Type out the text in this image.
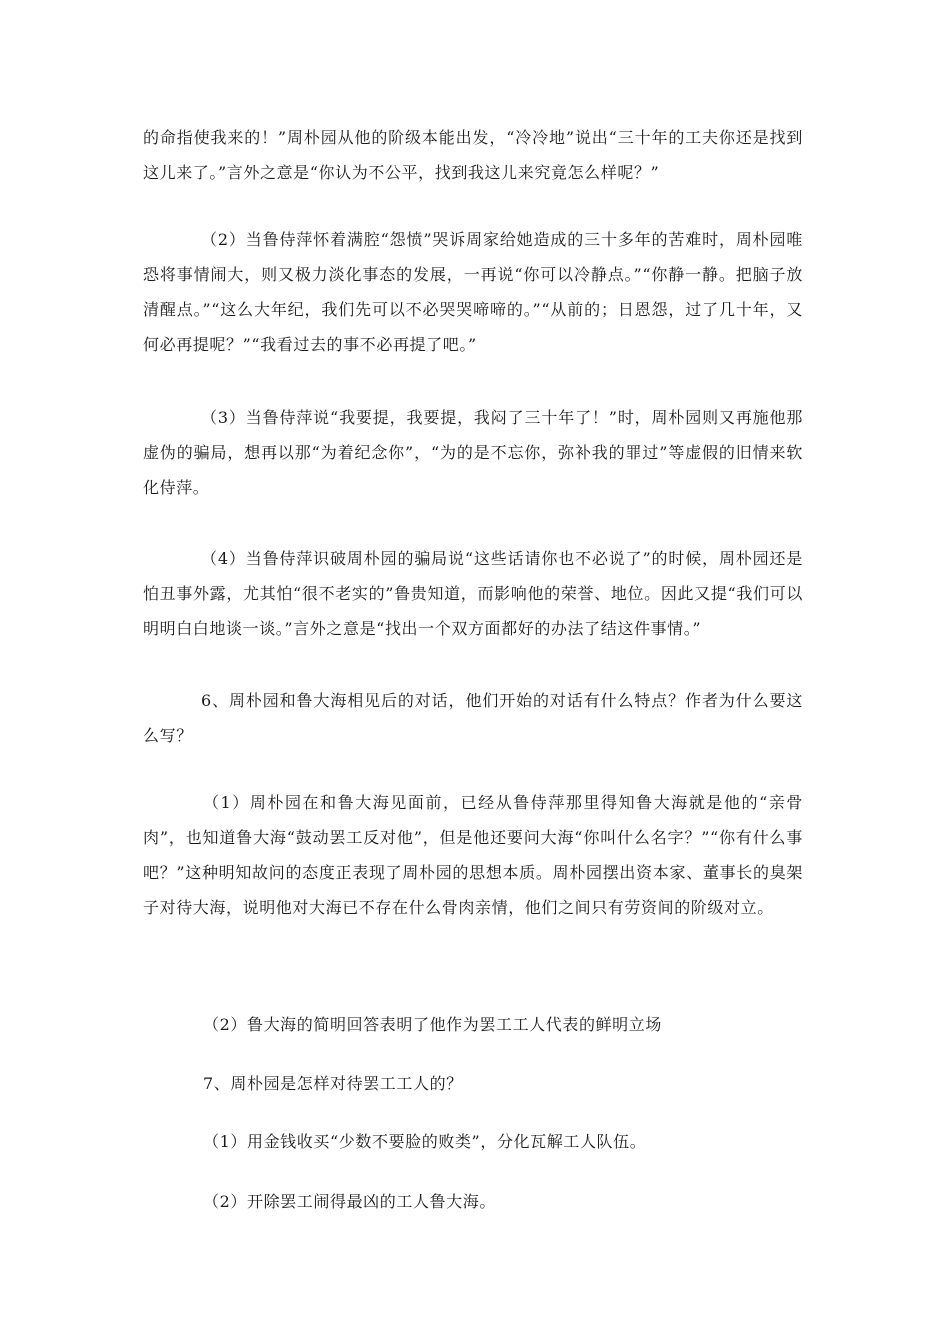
的命指使我来的！”周朴园从他的阶级本能出发，“冷冷地”说出“三十年的工夫你还是找到这儿来了。”言外之意是“你认为不公平，找到我这儿来究竟怎么样呢？”

（2）当鲁侍萍怀着满腔“怨愤”哭诉周家给她造成的三十多年的苦难时，周朴园唯恐将事情闹大，则又极力淡化事态的发展，一再说“你可以冷静点。”“你静一静。把脑子放清醒点。”“这么大年纪，我们先可以不必哭哭啼啼的。”“从前的；日恩怨，过了几十年，又何必再提呢？”“我看过去的事不必再提了吧。”

（3）当鲁侍萍说“我要提，我要提，我闷了三十年了！”时，周朴园则又再施他那虚伪的骗局，想再以那“为着纪念你”，“为的是不忘你，弥补我的罪过”等虚假的旧情来软化侍萍。

（4）当鲁侍萍识破周朴园的骗局说“这些话请你也不必说了”的时候，周朴园还是怕丑事外露，尤其怕“很不老实的”鲁贵知道，而影响他的荣誉、地位。因此又提“我们可以明明白白地谈一谈。”言外之意是“找出一个双方面都好的办法了结这件事情。”

6、周朴园和鲁大海相见后的对话，他们开始的对话有什么特点？作者为什么要这么写？

（1）周朴园在和鲁大海见面前，已经从鲁侍萍那里得知鲁大海就是他的“亲骨肉”，也知道鲁大海“鼓动罢工反对他”，但是他还要问大海“你叫什么名字？”“你有什么事吧？”这种明知故问的态度正表现了周朴园的思想本质。周朴园摆出资本家、董事长的臭架子对待大海，说明他对大海已不存在什么骨肉亲情，他们之间只有劳资间的阶级对立。

（2）鲁大海的简明回答表明了他作为罢工工人代表的鲜明立场

7、周朴园是怎样对待罢工工人的？

（1）用金钱收买“少数不要脸的败类”，分化瓦解工人队伍。

（2）开除罢工闹得最凶的工人鲁大海。
